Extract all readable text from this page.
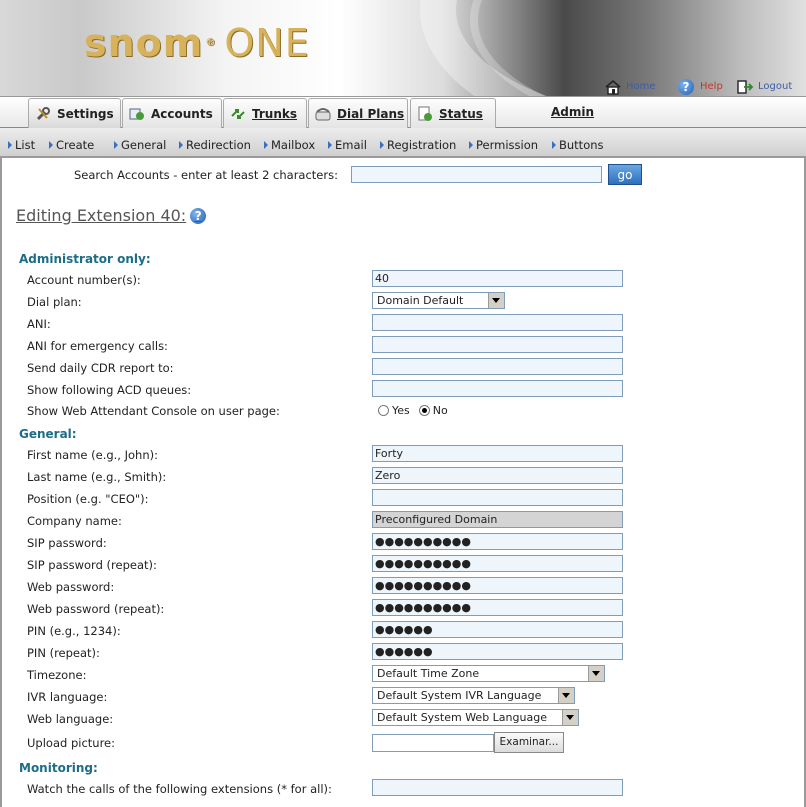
snom ® ONE
Home	?	Help	Logout
Settings	Accounts	Trunks	Dial Plans	Status	Admin
List	Create	General	Redirection	Mailbox	Email	Registration	Permission	Buttons
Search Accounts - enter at least 2 characters:	go
Editing Extension 40: ?
Administrator only:
Account number(s):
40
Dial plan:	Domain Default
ANI:
ANI for emergency calls:
Send daily CDR report to:
Show following ACD queues:
Show Web Attendant Console on user page:	Yes No
General:
First name (e.g., John):
Forty
Last name (e.g., Smith):
Zero
Position (e.g. "CEO"):
Company name:
Preconfigured Domain
SIP password:
●●●●●●●●●●
SIP password (repeat):
●●●●●●●●●●
Web password:
●●●●●●●●●●
Web password (repeat):
●●●●●●●●●●
PIN (e.g., 1234):
●●●●●●
PIN (repeat):
●●●●●●
Timezone:	Default Time Zone
IVR language:	Default System IVR Language
Web language:	Default System Web Language
Upload picture:	Examinar...
Monitoring:
Watch the calls of the following extensions (* for all):
